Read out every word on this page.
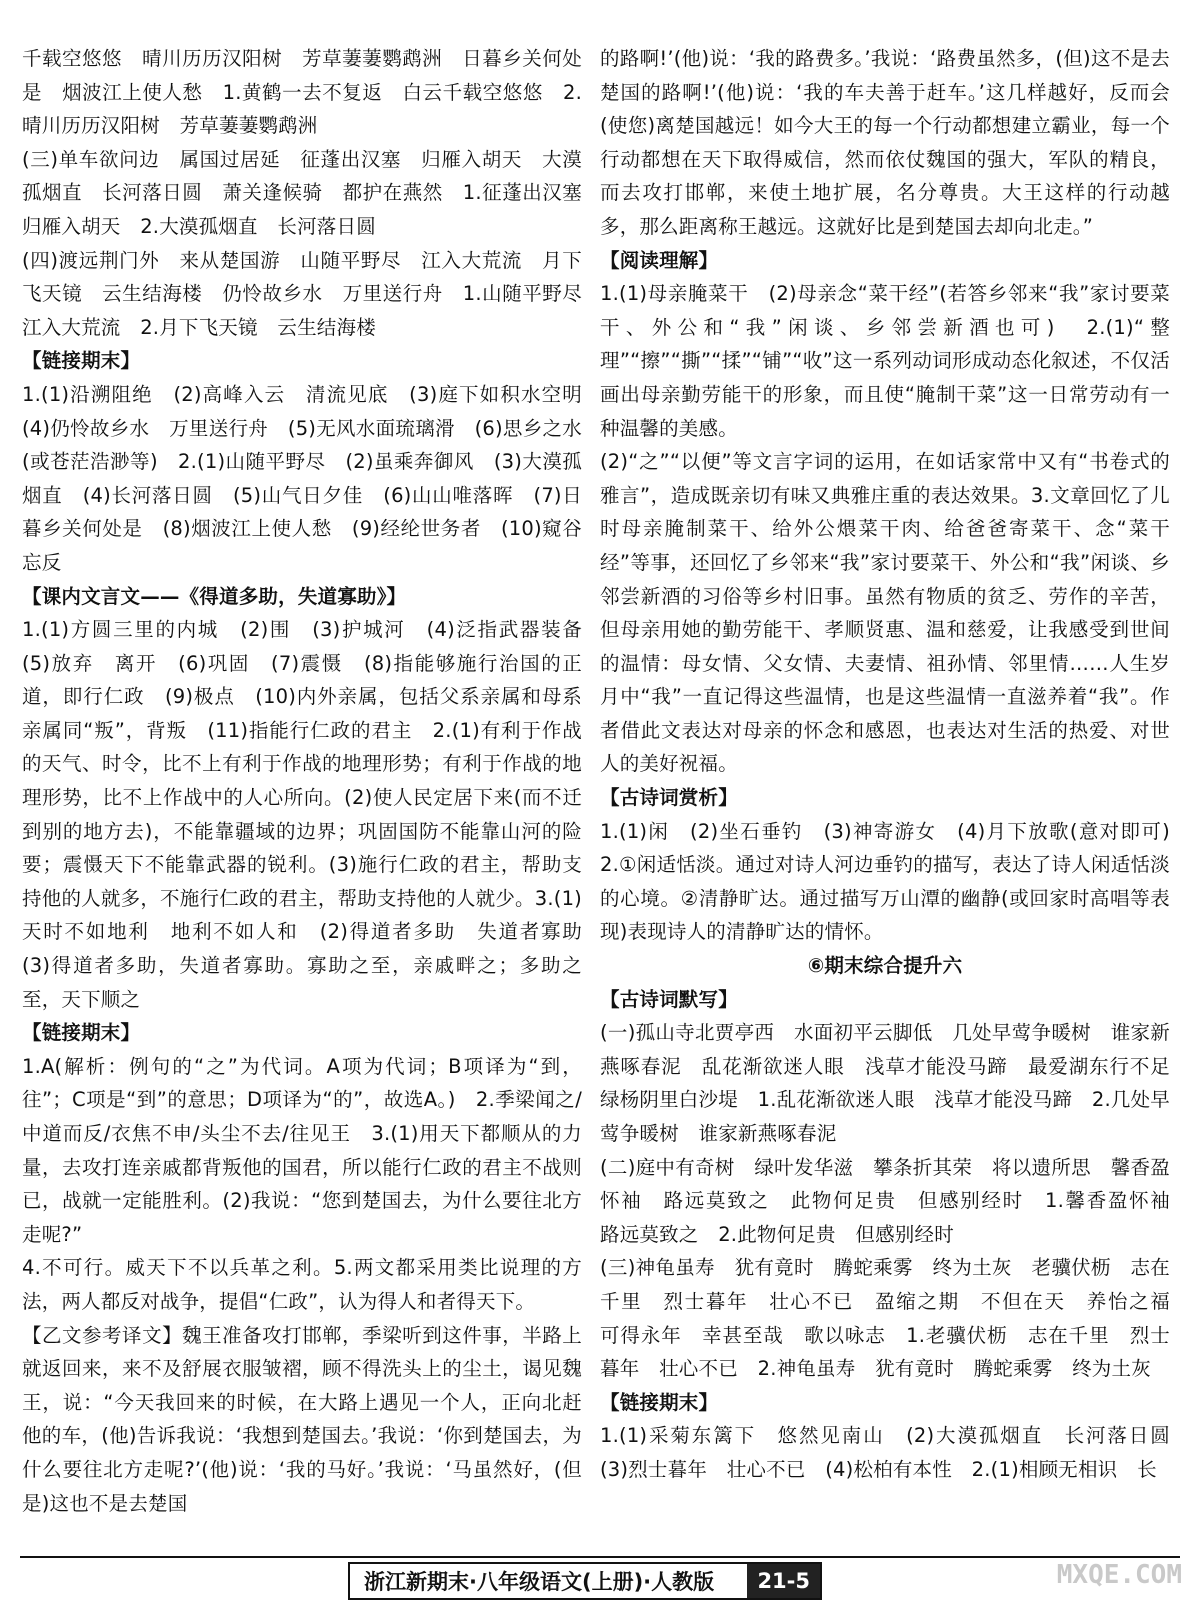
千载空悠悠　晴川历历汉阳树　芳草萋萋鹦鹉洲　日暮乡关何处是　烟波江上使人愁　1.黄鹤一去不复返　白云千载空悠悠　2.晴川历历汉阳树　芳草萋萋鹦鹉洲

(三)单车欲问边　属国过居延　征蓬出汉塞　归雁入胡天　大漠孤烟直　长河落日圆　萧关逢候骑　都护在燕然　1.征蓬出汉塞　归雁入胡天　2.大漠孤烟直　长河落日圆

(四)渡远荆门外　来从楚国游　山随平野尽　江入大荒流　月下飞天镜　云生结海楼　仍怜故乡水　万里送行舟　1.山随平野尽　江入大荒流　2.月下飞天镜　云生结海楼

【链接期末】

1.(1)沿溯阻绝　(2)高峰入云　清流见底　(3)庭下如积水空明　(4)仍怜故乡水　万里送行舟　(5)无风水面琉璃滑　(6)思乡之水(或苍茫浩渺等)　2.(1)山随平野尽　(2)虽乘奔御风　(3)大漠孤烟直　(4)长河落日圆　(5)山气日夕佳　(6)山山唯落晖　(7)日暮乡关何处是　(8)烟波江上使人愁　(9)经纶世务者　(10)窥谷忘反

【课内文言文——《得道多助，失道寡助》】

1.(1)方圆三里的内城　(2)围　(3)护城河　(4)泛指武器装备　(5)放弃　离开　(6)巩固　(7)震慑　(8)指能够施行治国的正道，即行仁政　(9)极点　(10)内外亲属，包括父系亲属和母系亲属同“叛”，背叛　(11)指能行仁政的君主　2.(1)有利于作战的天气、时令，比不上有利于作战的地理形势；有利于作战的地理形势，比不上作战中的人心所向。(2)使人民定居下来(而不迁到别的地方去)，不能靠疆域的边界；巩固国防不能靠山河的险要；震慑天下不能靠武器的锐利。(3)施行仁政的君主，帮助支持他的人就多，不施行仁政的君主，帮助支持他的人就少。3.(1)天时不如地利　地利不如人和　(2)得道者多助　失道者寡助　(3)得道者多助，失道者寡助。寡助之至，亲戚畔之；多助之至，天下顺之

【链接期末】

1.A(解析：例句的“之”为代词。A项为代词；B项译为“到，往”；C项是“到”的意思；D项译为“的”，故选A。)　2.季梁闻之/中道而反/衣焦不申/头尘不去/往见王　3.(1)用天下都顺从的力量，去攻打连亲戚都背叛他的国君，所以能行仁政的君主不战则已，战就一定能胜利。(2)我说：“您到楚国去，为什么要往北方走呢?”

4.不可行。威天下不以兵革之利。5.两文都采用类比说理的方法，两人都反对战争，提倡“仁政”，认为得人和者得天下。

【乙文参考译文】魏王准备攻打邯郸，季梁听到这件事，半路上就返回来，来不及舒展衣服皱褶，顾不得洗头上的尘土，谒见魏王，说：“今天我回来的时候，在大路上遇见一个人，正向北赶他的车，(他)告诉我说：‘我想到楚国去。’我说：‘你到楚国去，为什么要往北方走呢?’(他)说：‘我的马好。’我说：‘马虽然好，(但是)这也不是去楚国

的路啊!’(他)说：‘我的路费多。’我说：‘路费虽然多，(但)这不是去楚国的路啊!’(他)说：‘我的车夫善于赶车。’这几样越好，反而会(使您)离楚国越远！如今大王的每一个行动都想建立霸业，每一个行动都想在天下取得威信，然而依仗魏国的强大，军队的精良，而去攻打邯郸，来使土地扩展，名分尊贵。大王这样的行动越多，那么距离称王越远。这就好比是到楚国去却向北走。”

【阅读理解】

1.(1)母亲腌菜干　(2)母亲念“菜干经”(若答乡邻来“我”家讨要菜干、外公和“我”闲谈、乡邻尝新酒也可)　2.(1)“整理”“擦”“撕”“揉”“铺”“收”这一系列动词形成动态化叙述，不仅活画出母亲勤劳能干的形象，而且使“腌制干菜”这一日常劳动有一种温馨的美感。

(2)“之”“以便”等文言字词的运用，在如话家常中又有“书卷式的雅言”，造成既亲切有味又典雅庄重的表达效果。3.文章回忆了儿时母亲腌制菜干、给外公煨菜干肉、给爸爸寄菜干、念“菜干经”等事，还回忆了乡邻来“我”家讨要菜干、外公和“我”闲谈、乡邻尝新酒的习俗等乡村旧事。虽然有物质的贫乏、劳作的辛苦，但母亲用她的勤劳能干、孝顺贤惠、温和慈爱，让我感受到世间的温情：母女情、父女情、夫妻情、祖孙情、邻里情……人生岁月中“我”一直记得这些温情，也是这些温情一直滋养着“我”。作者借此文表达对母亲的怀念和感恩，也表达对生活的热爱、对世人的美好祝福。

【古诗词赏析】

1.(1)闲　(2)坐石垂钓　(3)神寄游女　(4)月下放歌(意对即可)　2.①闲适恬淡。通过对诗人河边垂钓的描写，表达了诗人闲适恬淡的心境。②清静旷达。通过描写万山潭的幽静(或回家时高唱等表现)表现诗人的清静旷达的情怀。

⑥期末综合提升六

【古诗词默写】

(一)孤山寺北贾亭西　水面初平云脚低　几处早莺争暖树　谁家新燕啄春泥　乱花渐欲迷人眼　浅草才能没马蹄　最爱湖东行不足　绿杨阴里白沙堤　1.乱花渐欲迷人眼　浅草才能没马蹄　2.几处早莺争暖树　谁家新燕啄春泥

(二)庭中有奇树　绿叶发华滋　攀条折其荣　将以遗所思　馨香盈怀袖　路远莫致之　此物何足贵　但感别经时　1.馨香盈怀袖　路远莫致之　2.此物何足贵　但感别经时

(三)神龟虽寿　犹有竟时　腾蛇乘雾　终为土灰　老骥伏枥　志在千里　烈士暮年　壮心不已　盈缩之期　不但在天　养怡之福　可得永年　幸甚至哉　歌以咏志　1.老骥伏枥　志在千里　烈士暮年　壮心不已　2.神龟虽寿　犹有竟时　腾蛇乘雾　终为土灰

【链接期末】

1.(1)采菊东篱下　悠然见南山　(2)大漠孤烟直　长河落日圆　(3)烈士暮年　壮心不已　(4)松柏有本性　2.(1)相顾无相识　长

浙江新期末·八年级语文(上册)·人教版	21-5	MXQE.COM
